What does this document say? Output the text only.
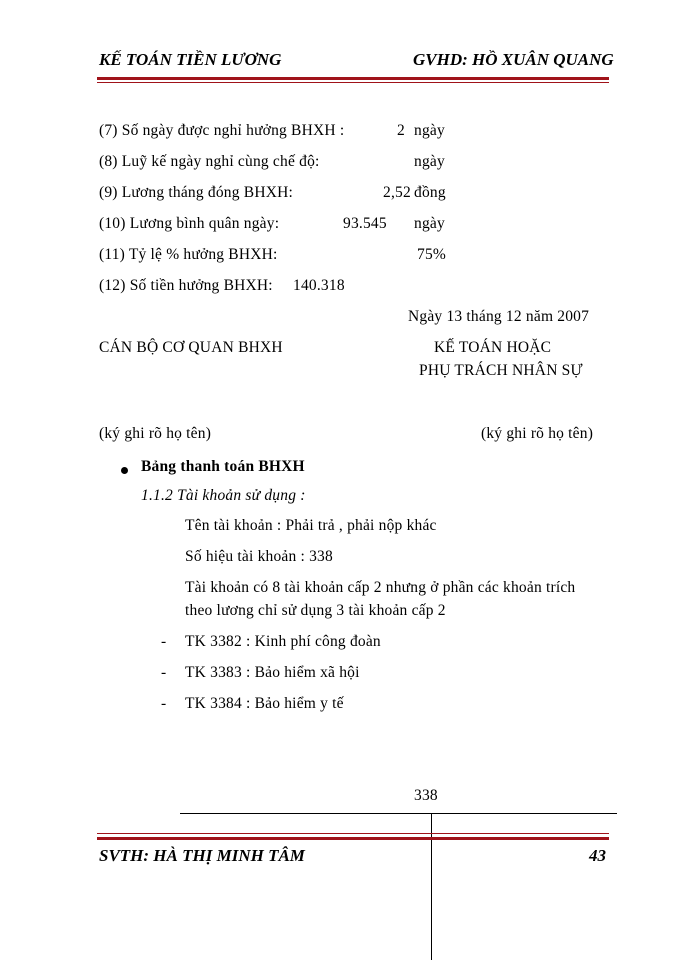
KẾ TOÁN TIỀN LƯƠNG	GVHD: HỒ XUÂN QUANG
(7) Số ngày được nghỉ hưởng BHXH :	2 ngày
(8) Luỹ kế ngày nghỉ cùng chế độ:	ngày
(9) Lương tháng đóng BHXH:	2,52 đồng
(10) Lương bình quân ngày:	93.545 ngày
(11) Tỷ lệ % hưởng BHXH:	75%
(12) Số tiền hưởng BHXH: 140.318
Ngày 13 tháng 12 năm 2007
CÁN BỘ CƠ QUAN BHXH	KẾ TOÁN HOẶC
PHỤ TRÁCH NHÂN SỰ
(ký ghi rõ họ tên)	(ký ghi rõ họ tên)
Bảng thanh toán BHXH
1.1.2 Tài khoản sử dụng :
Tên tài khoản : Phải trả , phải nộp khác
Số hiệu tài khoản : 338
Tài khoản có 8 tài khoản cấp 2 nhưng ở phần các khoản trích
theo lương chỉ sử dụng 3 tài khoản cấp 2
- TK 3382 : Kinh phí công đoàn
- TK 3383 : Bảo hiểm xã hội
- TK 3384 : Bảo hiểm y tế
338
SVTH: HÀ THỊ MINH TÂM	43
